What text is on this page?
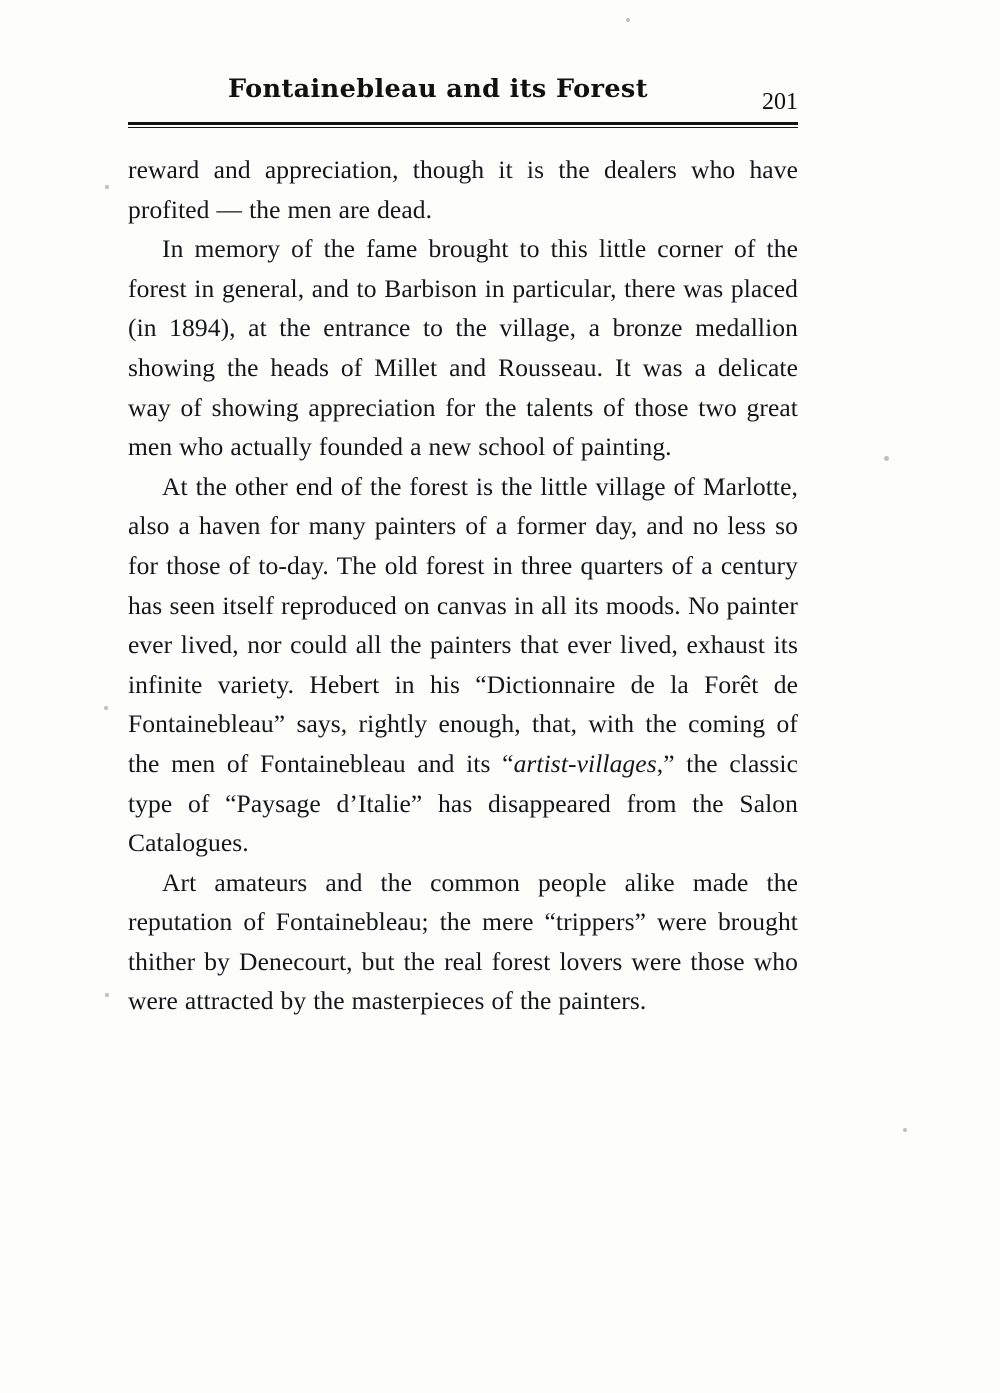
Fontainebleau and its Forest	201

reward and appreciation, though it is the dealers who have profited — the men are dead.

In memory of the fame brought to this little corner of the forest in general, and to Barbison in particular, there was placed (in 1894), at the entrance to the village, a bronze medallion showing the heads of Millet and Rousseau. It was a delicate way of showing appreciation for the talents of those two great men who actually founded a new school of painting.

At the other end of the forest is the little village of Marlotte, also a haven for many painters of a former day, and no less so for those of to-day. The old forest in three quarters of a century has seen itself reproduced on canvas in all its moods. No painter ever lived, nor could all the painters that ever lived, exhaust its infinite variety. Hebert in his “Dictionnaire de la Forêt de Fontainebleau” says, rightly enough, that, with the coming of the men of Fontainebleau and its “artist-villages,” the classic type of “Paysage d’Italie” has disappeared from the Salon Catalogues.

Art amateurs and the common people alike made the reputation of Fontainebleau; the mere “trippers” were brought thither by Denecourt, but the real forest lovers were those who were attracted by the masterpieces of the painters.
